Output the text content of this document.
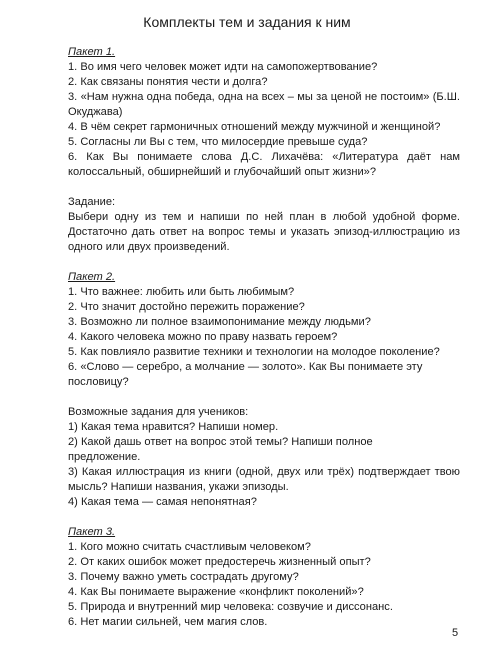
Комплекты тем и задания к ним

Пакет 1.

1. Во имя чего человек может идти на самопожертвование?

2. Как связаны понятия чести и долга?

3. «Нам нужна одна победа, одна на всех – мы за ценой не постоим» (Б.Ш. Окуджава)

4. В чём секрет гармоничных отношений между мужчиной и женщиной?

5. Согласны ли Вы с тем, что милосердие превыше суда?

6. Как Вы понимаете слова Д.С. Лихачёва: «Литература даёт нам колоссальный, обширнейший и глубочайший опыт жизни»?

Задание:

Выбери одну из тем и напиши по ней план в любой удобной форме. Достаточно дать ответ на вопрос темы и указать эпизод-иллюстрацию из одного или двух произведений.

Пакет 2.

1. Что важнее: любить или быть любимым?

2. Что значит достойно пережить поражение?

3. Возможно ли полное взаимопонимание между людьми?

4. Какого человека можно по праву назвать героем?

5. Как повлияло развитие техники и технологии на молодое поколение?

6. «Слово — серебро, а молчание — золото». Как Вы понимаете эту пословицу?

Возможные задания для учеников:

1) Какая тема нравится? Напиши номер.

2) Какой дашь ответ на вопрос этой темы? Напиши полное

предложение.

3) Какая иллюстрация из книги (одной, двух или трёх) подтверждает твою мысль? Напиши названия, укажи эпизоды.

4) Какая тема — самая непонятная?

Пакет 3.

1. Кого можно считать счастливым человеком?

2. От каких ошибок может предостеречь жизненный опыт?

3. Почему важно уметь сострадать другому?

4. Как Вы понимаете выражение «конфликт поколений»?

5. Природа и внутренний мир человека: созвучие и диссонанс.

6. Нет магии сильней, чем магия слов.

5
